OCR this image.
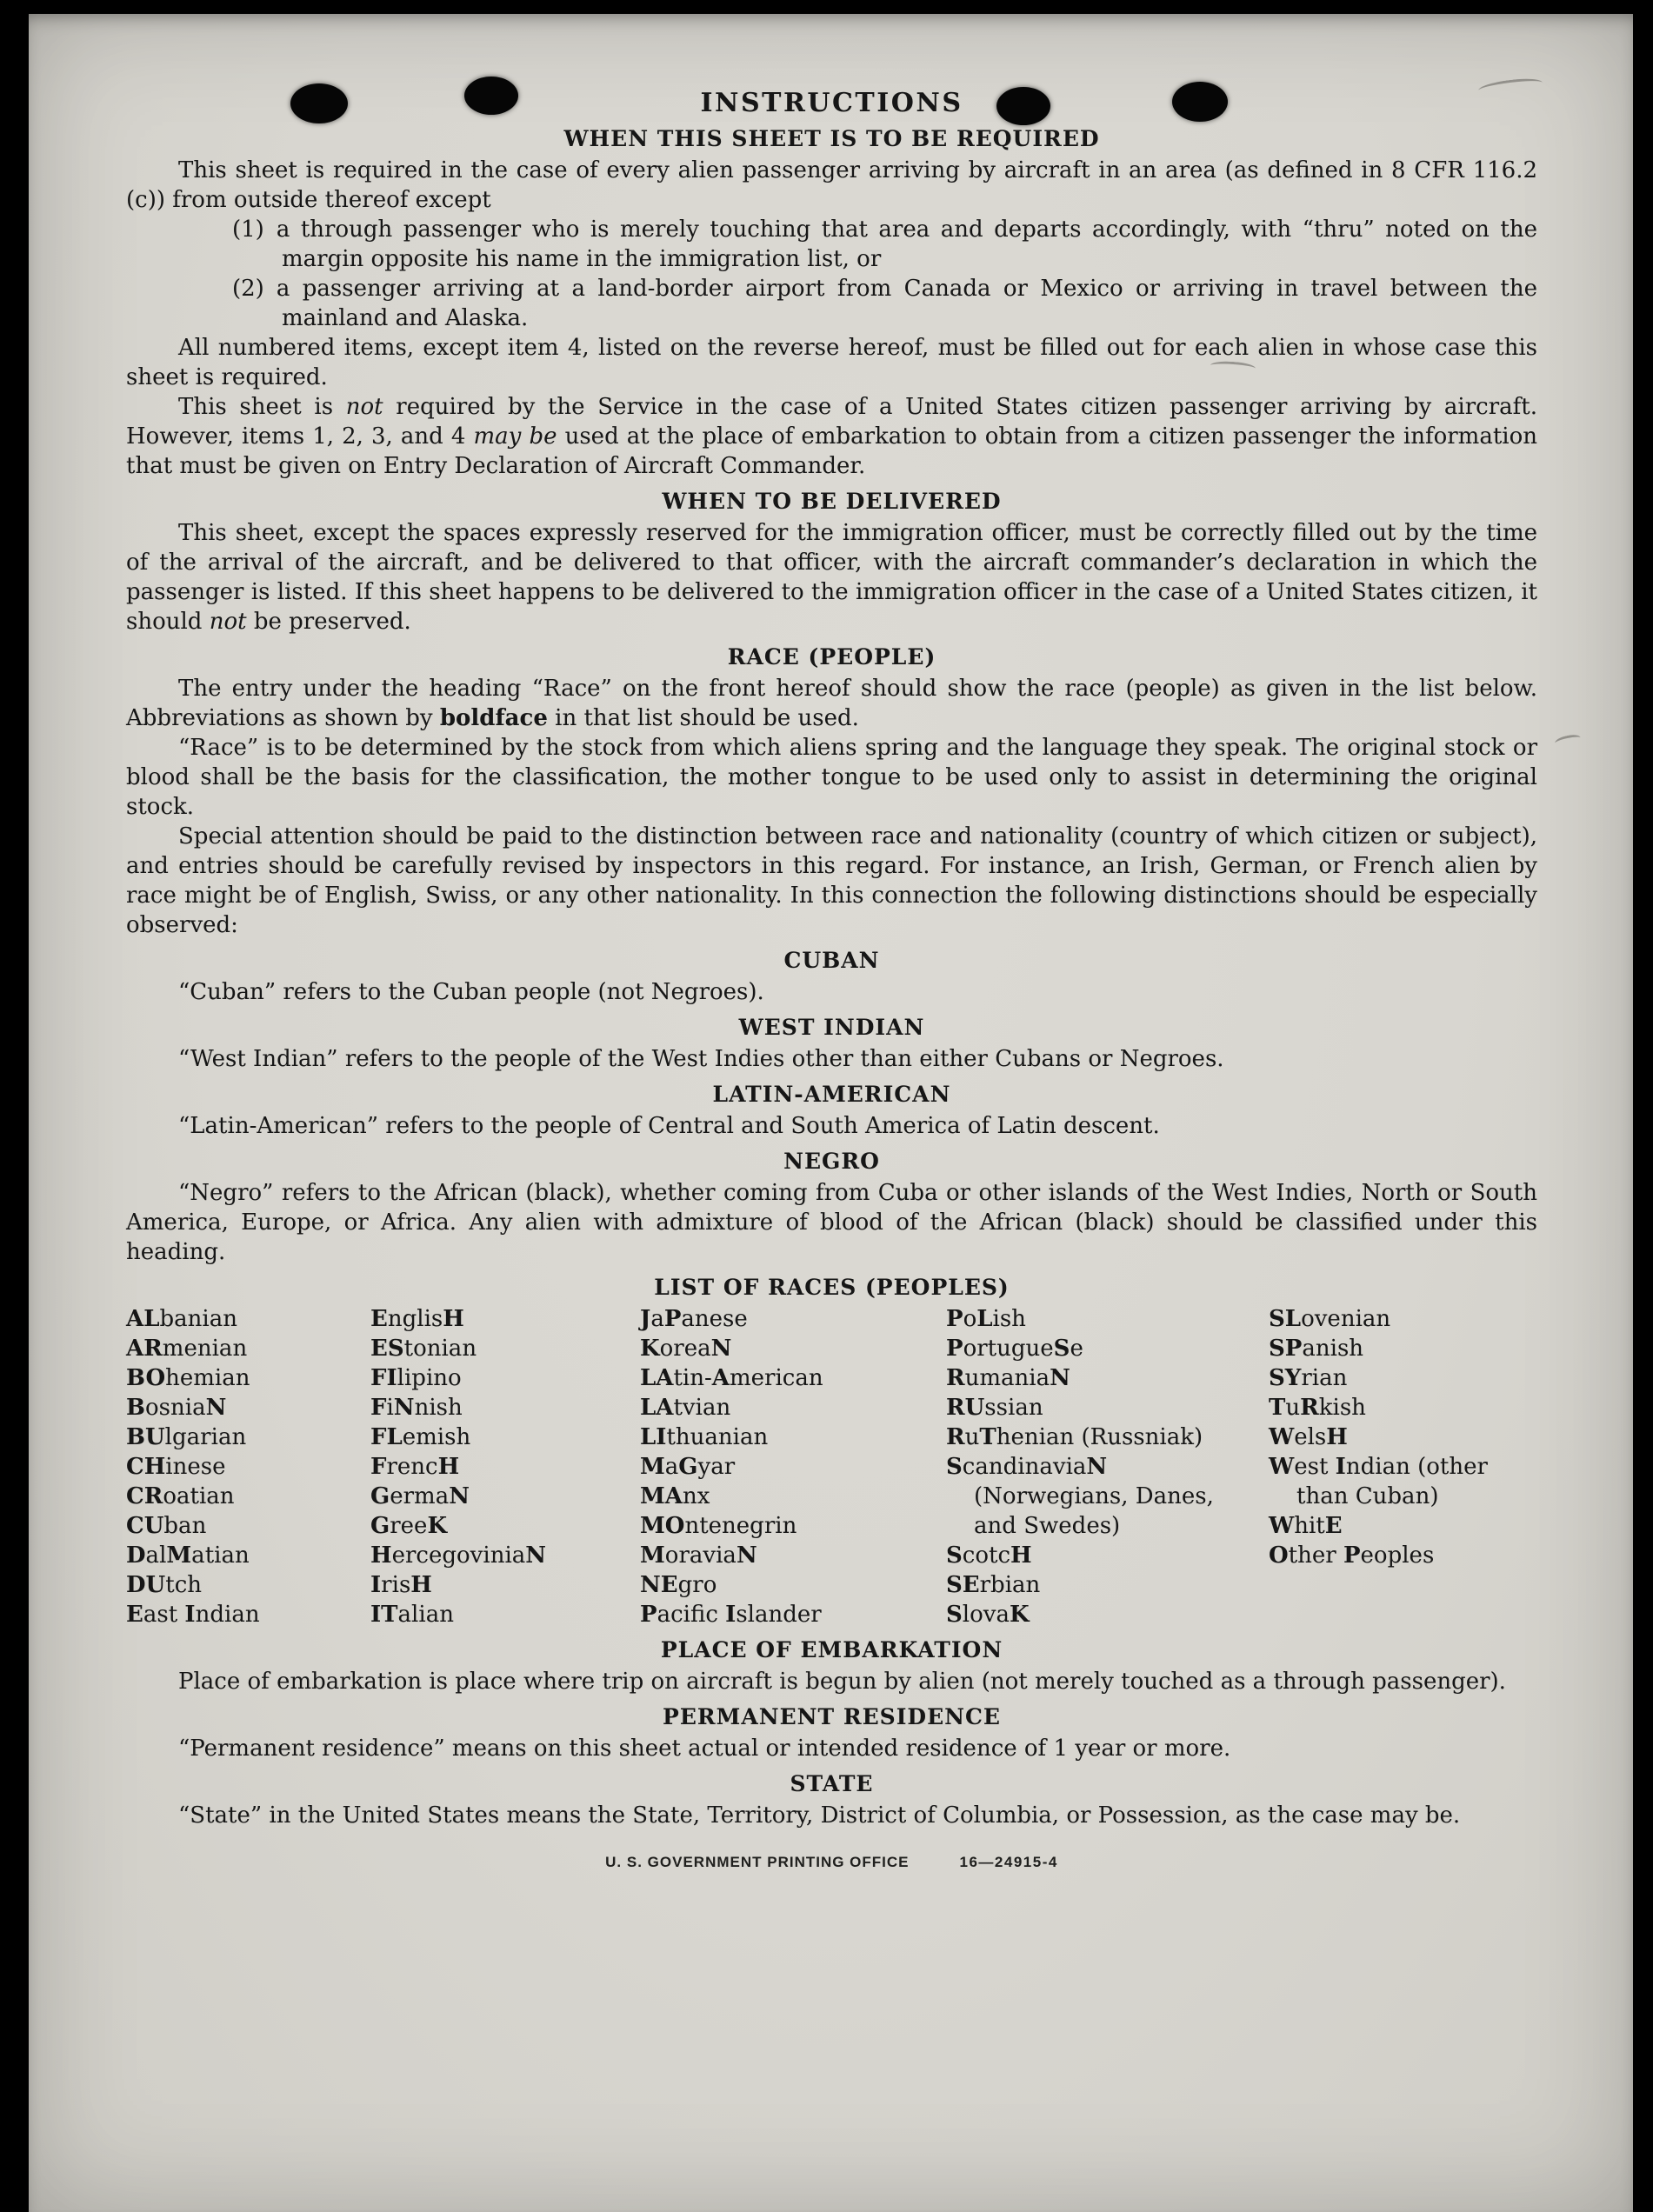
INSTRUCTIONS
WHEN THIS SHEET IS TO BE REQUIRED

This sheet is required in the case of every alien passenger arriving by aircraft in an area (as defined in 8 CFR 116.2 (c)) from outside thereof except

(1) a through passenger who is merely touching that area and departs accordingly, with “thru” noted on the margin opposite his name in the immigration list, or
(2) a passenger arriving at a land-border airport from Canada or Mexico or arriving in travel between the mainland and Alaska.

All numbered items, except item 4, listed on the reverse hereof, must be filled out for each alien in whose case this sheet is required.

This sheet is not required by the Service in the case of a United States citizen passenger arriving by aircraft. However, items 1, 2, 3, and 4 may be used at the place of embarkation to obtain from a citizen passenger the information that must be given on Entry Declaration of Aircraft Commander.

WHEN TO BE DELIVERED

This sheet, except the spaces expressly reserved for the immigration officer, must be correctly filled out by the time of the arrival of the aircraft, and be delivered to that officer, with the aircraft commander’s declaration in which the passenger is listed. If this sheet happens to be delivered to the immigration officer in the case of a United States citizen, it should not be preserved.

RACE (PEOPLE)

The entry under the heading “Race” on the front hereof should show the race (people) as given in the list below. Abbreviations as shown by boldface in that list should be used.

“Race” is to be determined by the stock from which aliens spring and the language they speak. The original stock or blood shall be the basis for the classification, the mother tongue to be used only to assist in determining the original stock.

Special attention should be paid to the distinction between race and nationality (country of which citizen or subject), and entries should be carefully revised by inspectors in this regard. For instance, an Irish, German, or French alien by race might be of English, Swiss, or any other nationality. In this connection the following distinctions should be especially observed:

CUBAN

“Cuban” refers to the Cuban people (not Negroes).

WEST INDIAN

“West Indian” refers to the people of the West Indies other than either Cubans or Negroes.

LATIN-AMERICAN

“Latin-American” refers to the people of Central and South America of Latin descent.

NEGRO

“Negro” refers to the African (black), whether coming from Cuba or other islands of the West Indies, North or South America, Europe, or Africa. Any alien with admixture of blood of the African (black) should be classified under this heading.

LIST OF RACES (PEOPLES)
ALbanian
ARmenian
BOhemian
BosniaN
BUlgarian
CHinese
CRoatian
CUban
DalMatian
DUtch
East Indian
EnglisH
EStonian
FIlipino
FiNnish
FLemish
FrencH
GermaN
GreeK
HercegoviniaN
IrisH
ITalian
JaPanese
KoreaN
LAtin-American
LAtvian
LIthuanian
MaGyar
MAnx
MOntenegrin
MoraviaN
NEgro
Pacifc Islander
PoLish
PortugueSe
RumaniaN
RUssian
RuThenian (Russniak)
ScandinaviaN (Norwegians, Danes, and Swedes)
ScotcH
SErbian
SlovaK
SLovenian
SPanish
SYrian
TuRkish
WelsH
West Indian (other than Cuban)
WhitE
Other Peoples
PLACE OF EMBARKATION

Place of embarkation is place where trip on aircraft is begun by alien (not merely touched as a through passenger).

PERMANENT RESIDENCE

“Permanent residence” means on this sheet actual or intended residence of 1 year or more.

STATE

“State” in the United States means the State, Territory, District of Columbia, or Possession, as the case may be.

U. S. GOVERNMENT PRINTING OFFICE	16—24915-4
